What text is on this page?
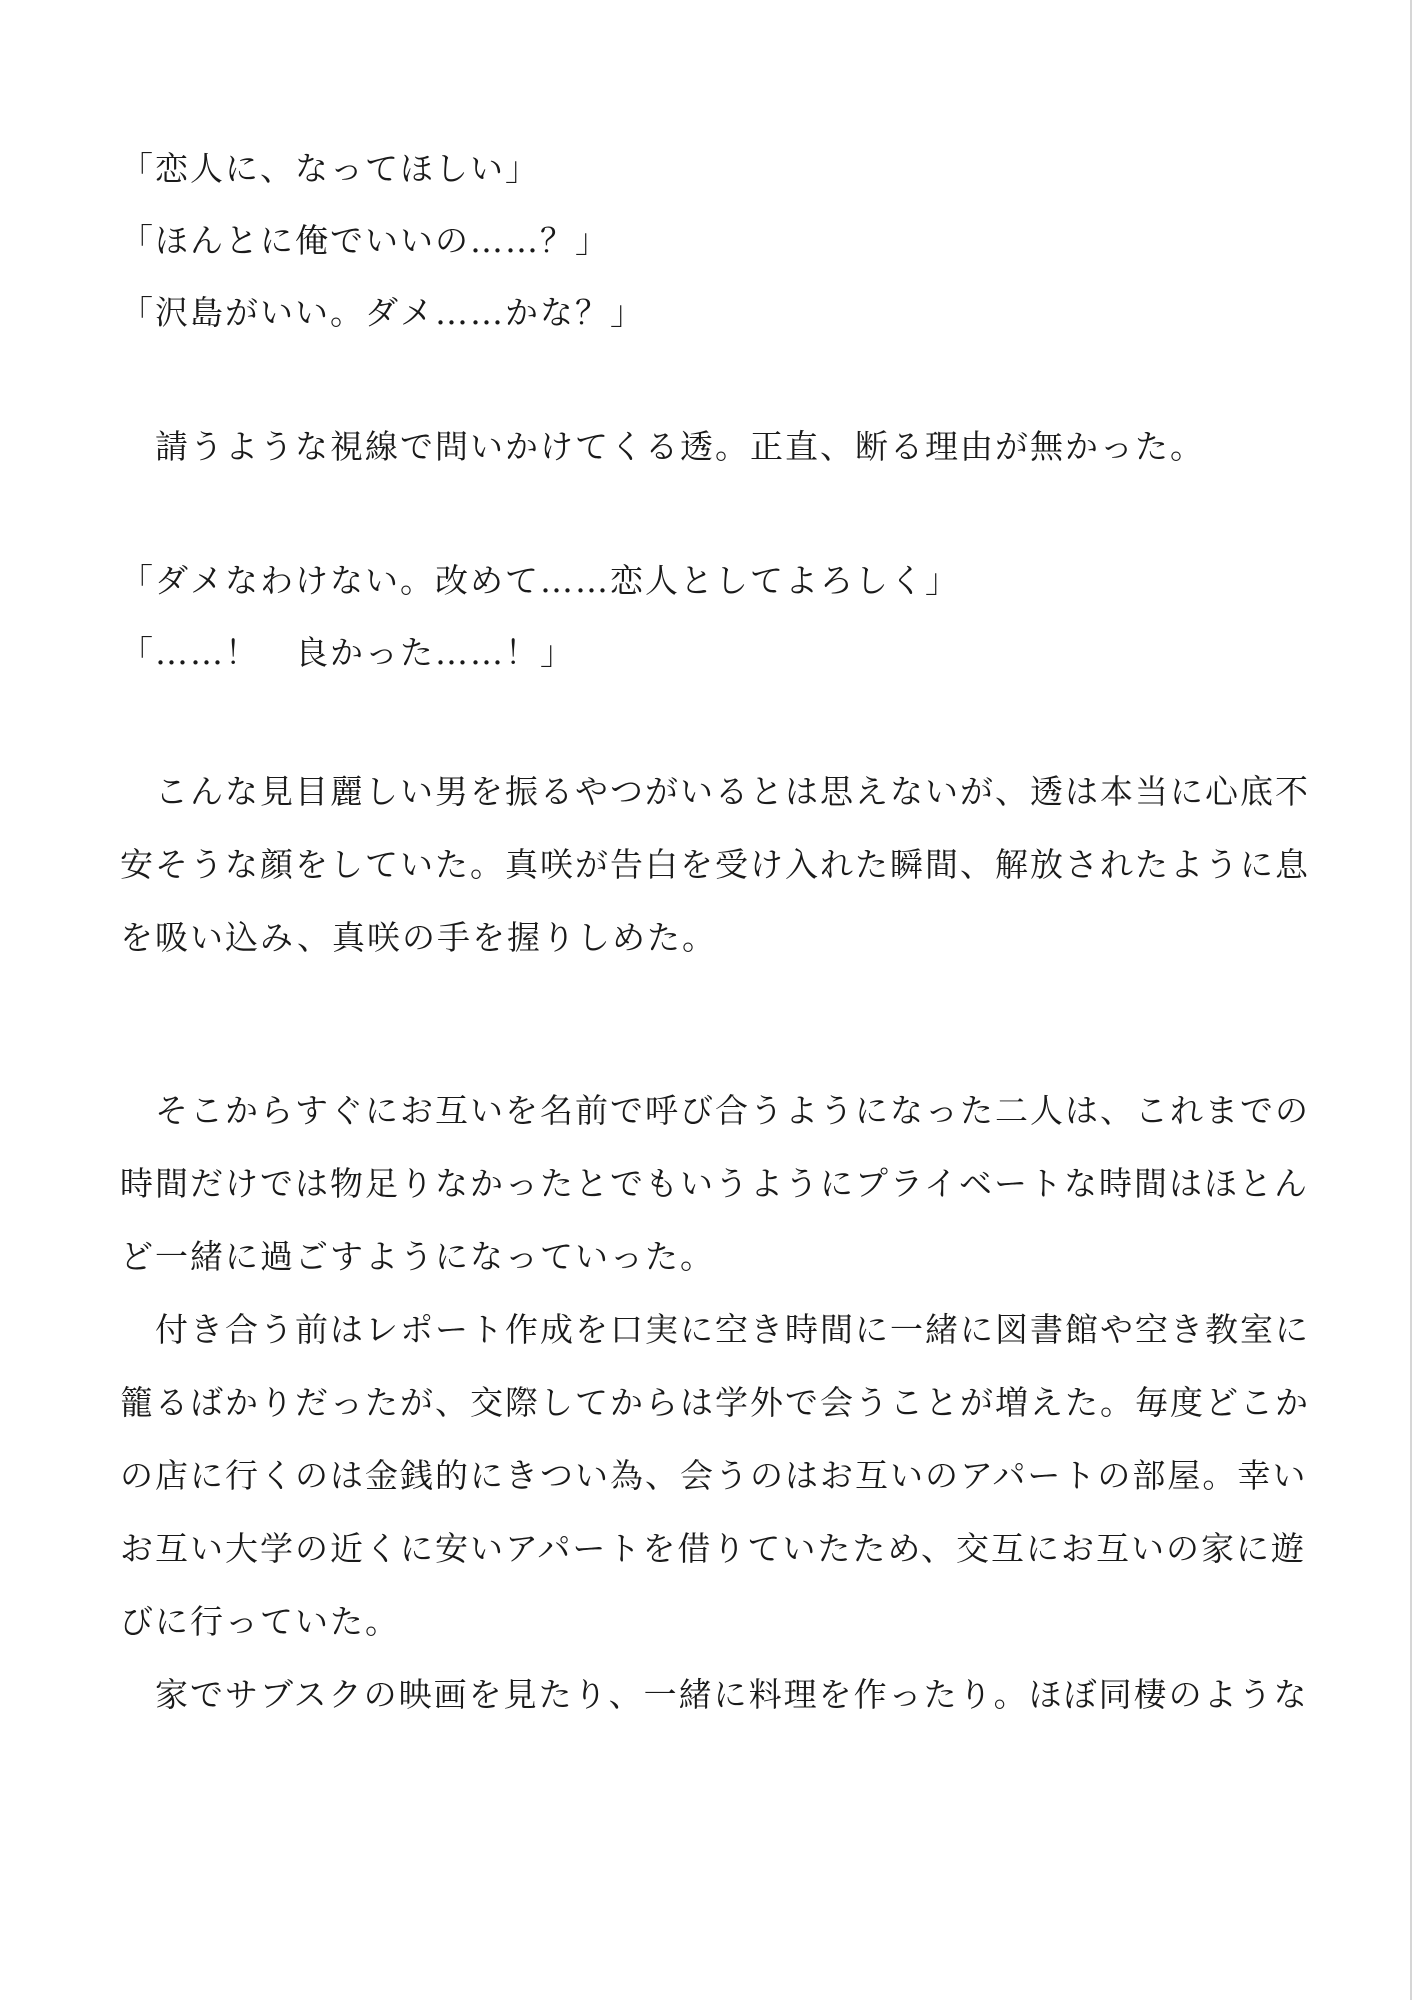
「恋人に、なってほしい」
「ほんとに俺でいいの……？」
「沢島がいい。ダメ……かな？」
　請うような視線で問いかけてくる透。正直、断る理由が無かった。
「ダメなわけない。改めて……恋人としてよろしく」
「……！　良かった……！」
　こんな見目麗しい男を振るやつがいるとは思えないが、透は本当に心底不
安そうな顔をしていた。真咲が告白を受け入れた瞬間、解放されたように息
を吸い込み、真咲の手を握りしめた。
　そこからすぐにお互いを名前で呼び合うようになった二人は、これまでの
時間だけでは物足りなかったとでもいうようにプライベートな時間はほとん
ど一緒に過ごすようになっていった。
　付き合う前はレポート作成を口実に空き時間に一緒に図書館や空き教室に
籠るばかりだったが、交際してからは学外で会うことが増えた。毎度どこか
の店に行くのは金銭的にきつい為、会うのはお互いのアパートの部屋。幸い
お互い大学の近くに安いアパートを借りていたため、交互にお互いの家に遊
びに行っていた。
　家でサブスクの映画を見たり、一緒に料理を作ったり。ほぼ同棲のような
